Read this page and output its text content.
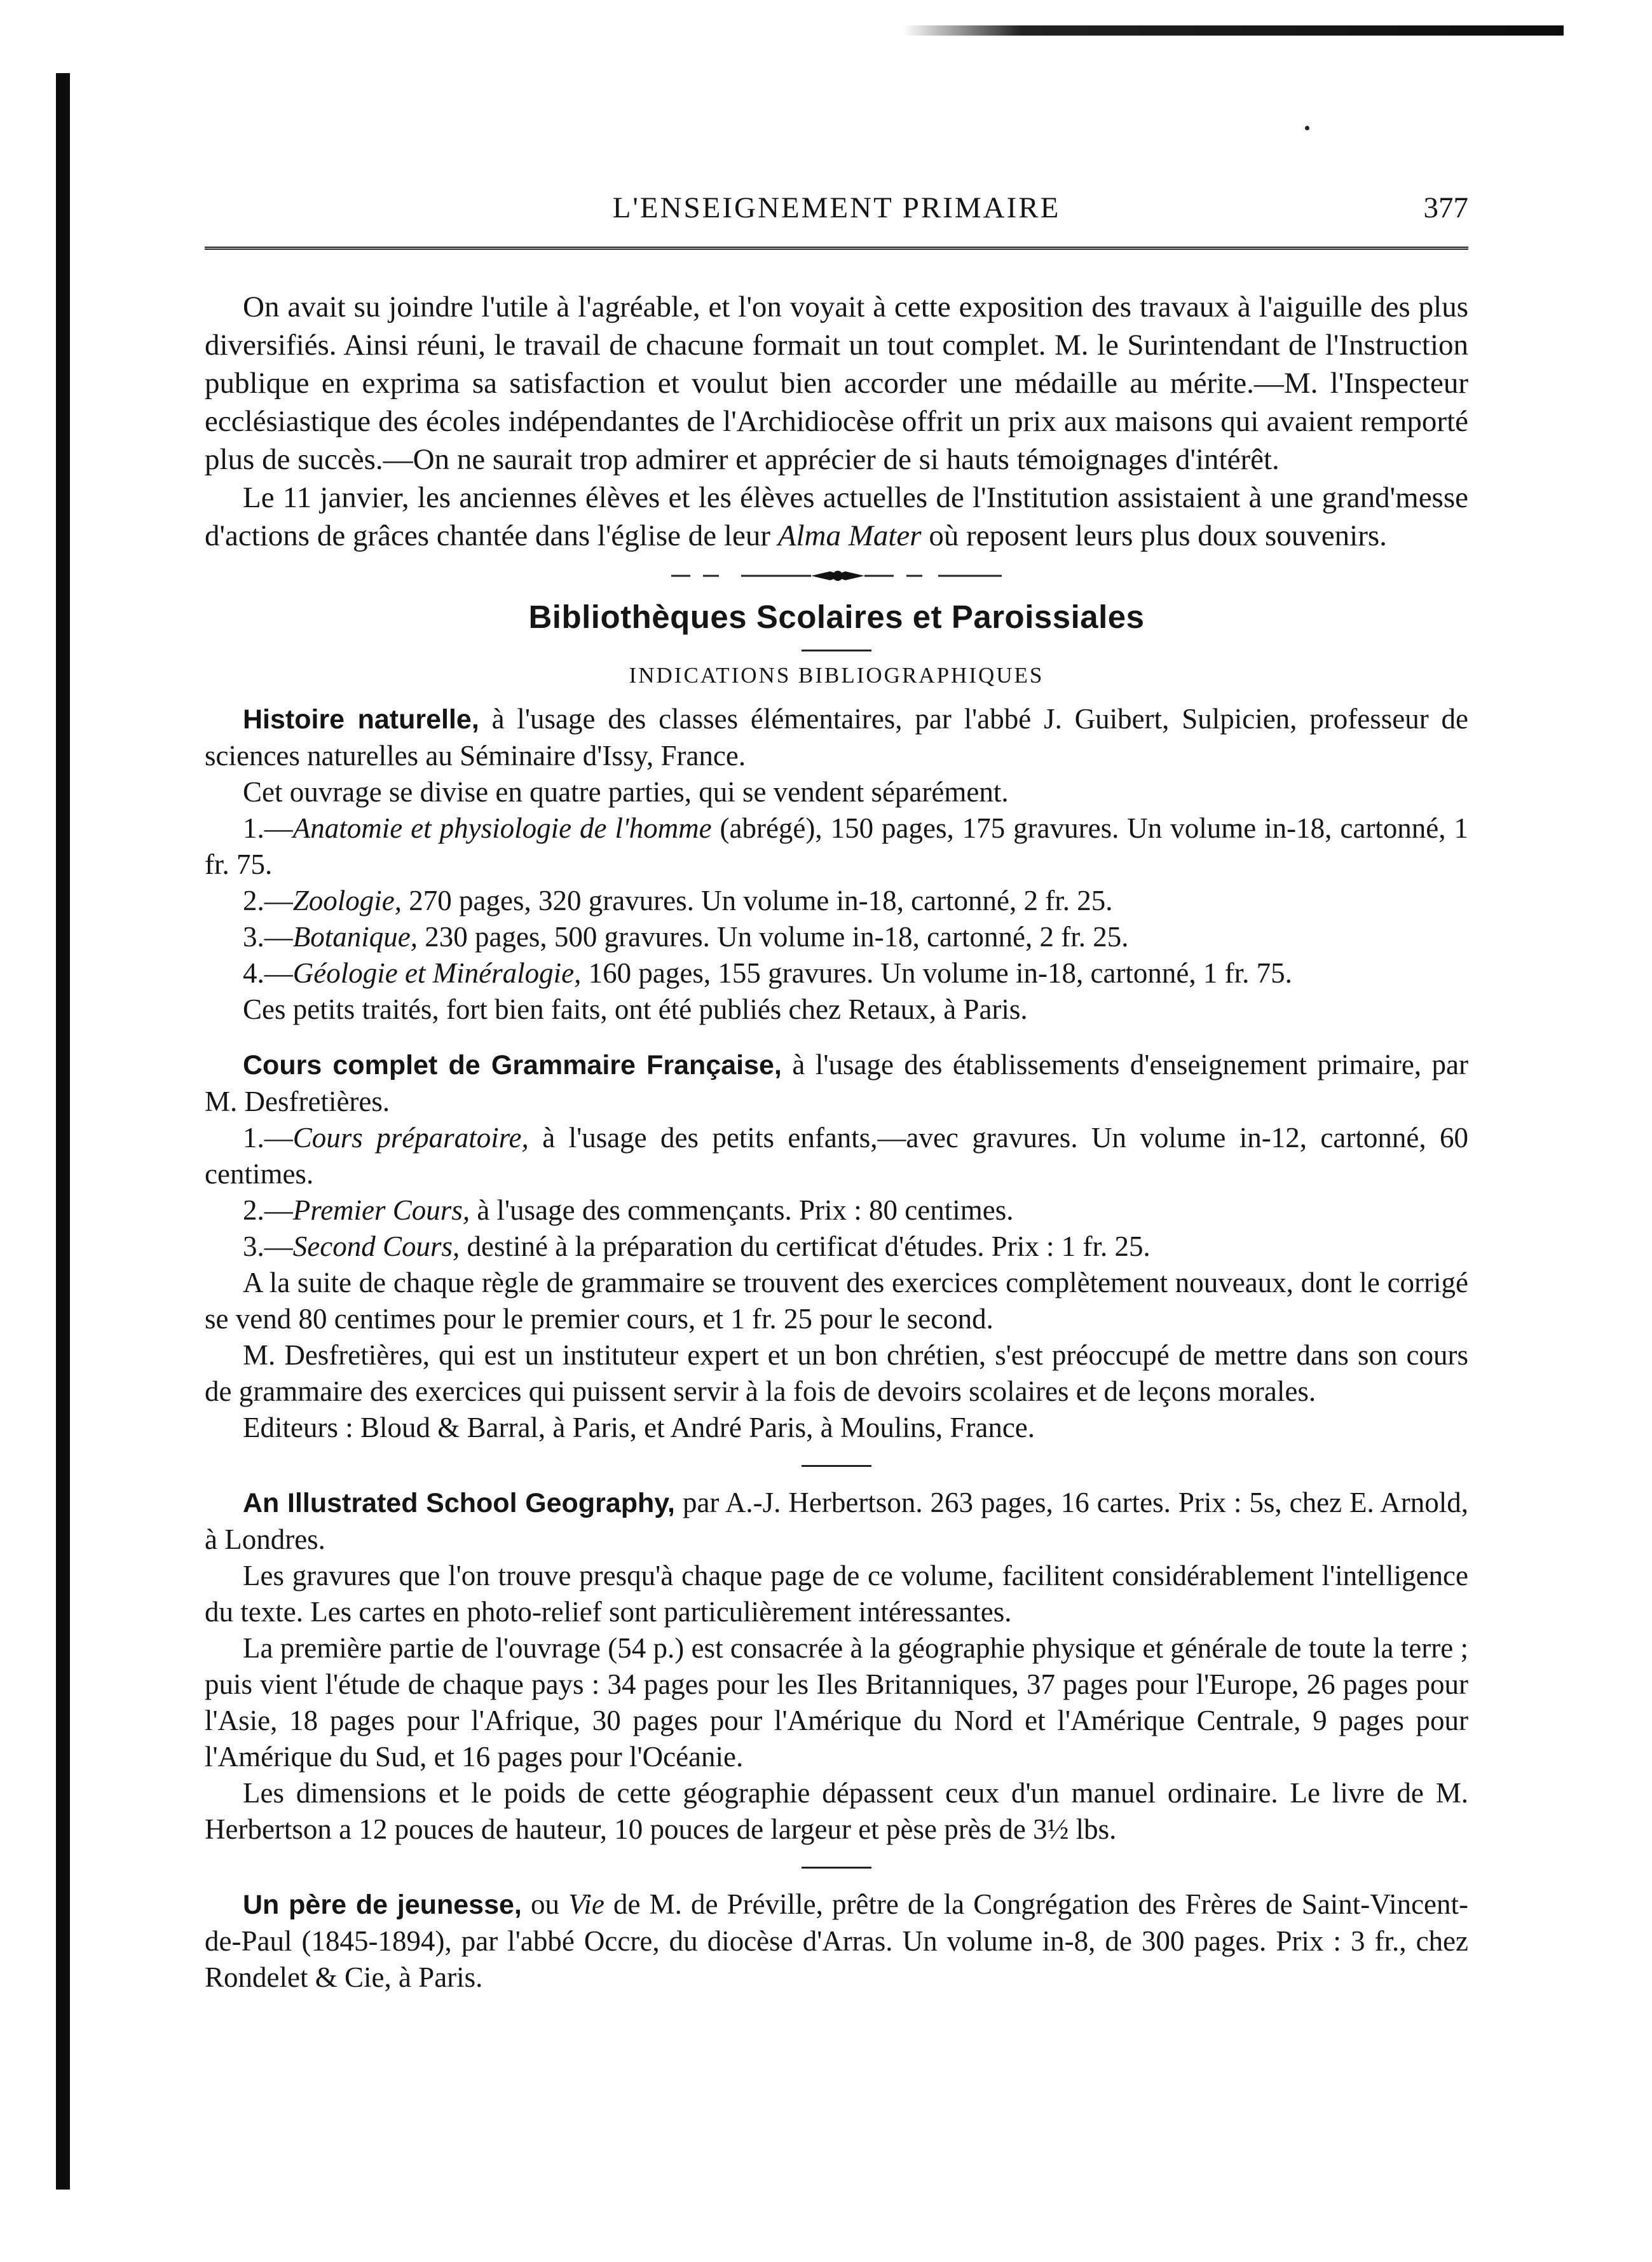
L'ENSEIGNEMENT PRIMAIRE	377

On avait su joindre l'utile à l'agréable, et l'on voyait à cette exposition des travaux à l'aiguille des plus diversifiés. Ainsi réuni, le travail de chacune formait un tout complet. M. le Surintendant de l'Instruction publique en exprima sa satisfaction et voulut bien accorder une médaille au mérite.—M. l'Inspecteur ecclésiastique des écoles indépendantes de l'Archidiocèse offrit un prix aux maisons qui avaient remporté plus de succès.—On ne saurait trop admirer et apprécier de si hauts témoignages d'intérêt.

Le 11 janvier, les anciennes élèves et les élèves actuelles de l'Institution assistaient à une grand'messe d'actions de grâces chantée dans l'église de leur Alma Mater où reposent leurs plus doux souvenirs.

Bibliothèques Scolaires et Paroissiales
INDICATIONS BIBLIOGRAPHIQUES

Histoire naturelle, à l'usage des classes élémentaires, par l'abbé J. Guibert, Sulpicien, professeur de sciences naturelles au Séminaire d'Issy, France.

Cet ouvrage se divise en quatre parties, qui se vendent séparément.

1.—Anatomie et physiologie de l'homme (abrégé), 150 pages, 175 gravures. Un volume in-18, cartonné, 1 fr. 75.

2.—Zoologie, 270 pages, 320 gravures. Un volume in-18, cartonné, 2 fr. 25.

3.—Botanique, 230 pages, 500 gravures. Un volume in-18, cartonné, 2 fr. 25.

4.—Géologie et Minéralogie, 160 pages, 155 gravures. Un volume in-18, cartonné, 1 fr. 75.

Ces petits traités, fort bien faits, ont été publiés chez Retaux, à Paris.

Cours complet de Grammaire Française, à l'usage des établissements d'enseignement primaire, par M. Desfretières.

1.—Cours préparatoire, à l'usage des petits enfants,—avec gravures. Un volume in-12, cartonné, 60 centimes.

2.—Premier Cours, à l'usage des commençants. Prix : 80 centimes.

3.—Second Cours, destiné à la préparation du certificat d'études. Prix : 1 fr. 25.

A la suite de chaque règle de grammaire se trouvent des exercices complètement nouveaux, dont le corrigé se vend 80 centimes pour le premier cours, et 1 fr. 25 pour le second.

M. Desfretières, qui est un instituteur expert et un bon chrétien, s'est préoccupé de mettre dans son cours de grammaire des exercices qui puissent servir à la fois de devoirs scolaires et de leçons morales.

Editeurs : Bloud & Barral, à Paris, et André Paris, à Moulins, France.

An Illustrated School Geography, par A.-J. Herbertson. 263 pages, 16 cartes. Prix : 5s, chez E. Arnold, à Londres.

Les gravures que l'on trouve presqu'à chaque page de ce volume, facilitent considérablement l'intelligence du texte. Les cartes en photo-relief sont particulièrement intéressantes.

La première partie de l'ouvrage (54 p.) est consacrée à la géographie physique et générale de toute la terre ; puis vient l'étude de chaque pays : 34 pages pour les Iles Britanniques, 37 pages pour l'Europe, 26 pages pour l'Asie, 18 pages pour l'Afrique, 30 pages pour l'Amérique du Nord et l'Amérique Centrale, 9 pages pour l'Amérique du Sud, et 16 pages pour l'Océanie.

Les dimensions et le poids de cette géographie dépassent ceux d'un manuel ordinaire. Le livre de M. Herbertson a 12 pouces de hauteur, 10 pouces de largeur et pèse près de 3½ lbs.

Un père de jeunesse, ou Vie de M. de Préville, prêtre de la Congrégation des Frères de Saint-Vincent-de-Paul (1845-1894), par l'abbé Occre, du diocèse d'Arras. Un volume in-8, de 300 pages. Prix : 3 fr., chez Rondelet & Cie, à Paris.
